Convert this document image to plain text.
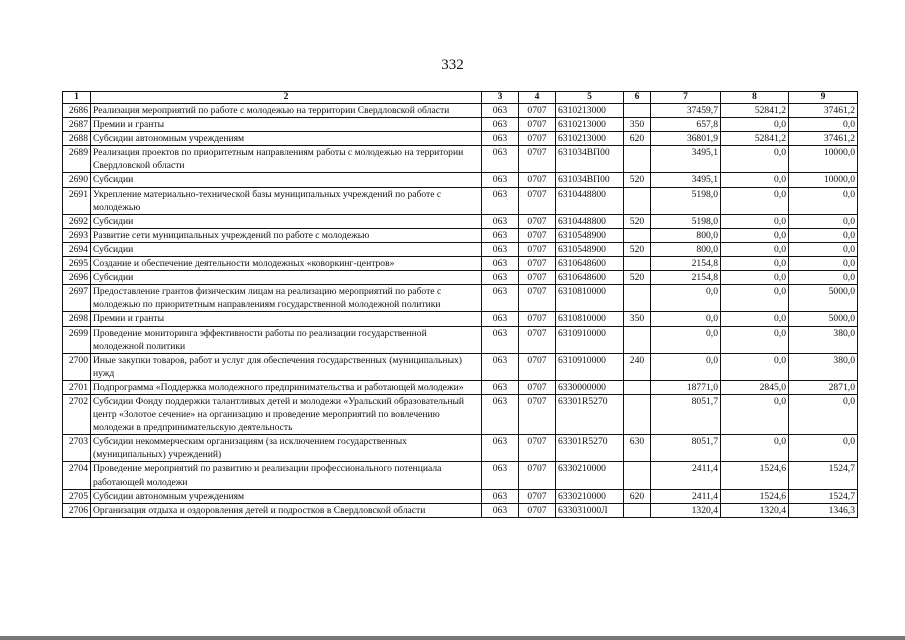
332
1	2	3	4	5	6	7	8	9
2686	Реализация мероприятий по работе с молодежью на территории Свердловской области	063	0707	6310213000		37459,7	52841,2	37461,2
2687	Премии и гранты	063	0707	6310213000	350	657,8	0,0	0,0
2688	Субсидии автономным учреждениям	063	0707	6310213000	620	36801,9	52841,2	37461,2
2689	Реализация проектов по приоритетным направлениям работы с молодежью на территории Свердловской области	063	0707	631034ВП00		3495,1	0,0	10000,0
2690	Субсидии	063	0707	631034ВП00	520	3495,1	0,0	10000,0
2691	Укрепление материально-технической базы муниципальных учреждений по работе с молодежью	063	0707	6310448800		5198,0	0,0	0,0
2692	Субсидии	063	0707	6310448800	520	5198,0	0,0	0,0
2693	Развитие сети муниципальных учреждений по работе с молодежью	063	0707	6310548900		800,0	0,0	0,0
2694	Субсидии	063	0707	6310548900	520	800,0	0,0	0,0
2695	Создание и обеспечение деятельности молодежных «коворкинг-центров»	063	0707	6310648600		2154,8	0,0	0,0
2696	Субсидии	063	0707	6310648600	520	2154,8	0,0	0,0
2697	Предоставление грантов физическим лицам на реализацию мероприятий по работе с молодежью по приоритетным направлениям государственной молодежной политики	063	0707	6310810000		0,0	0,0	5000,0
2698	Премии и гранты	063	0707	6310810000	350	0,0	0,0	5000,0
2699	Проведение мониторинга эффективности работы по реализации государственной молодежной политики	063	0707	6310910000		0,0	0,0	380,0
2700	Иные закупки товаров, работ и услуг для обеспечения государственных (муниципальных) нужд	063	0707	6310910000	240	0,0	0,0	380,0
2701	Подпрограмма «Поддержка молодежного предпринимательства и работающей молодежи»	063	0707	6330000000		18771,0	2845,0	2871,0
2702	Субсидии Фонду поддержки талантливых детей и молодежи «Уральский образовательный центр «Золотое сечение» на организацию и проведение мероприятий по вовлечению молодежи в предпринимательскую деятельность	063	0707	63301R5270		8051,7	0,0	0,0
2703	Субсидии некоммерческим организациям (за исключением государственных (муниципальных) учреждений)	063	0707	63301R5270	630	8051,7	0,0	0,0
2704	Проведение мероприятий по развитию и реализации профессионального потенциала работающей молодежи	063	0707	6330210000		2411,4	1524,6	1524,7
2705	Субсидии автономным учреждениям	063	0707	6330210000	620	2411,4	1524,6	1524,7
2706	Организация отдыха и оздоровления детей и подростков в Свердловской области	063	0707	633031000Л		1320,4	1320,4	1346,3
